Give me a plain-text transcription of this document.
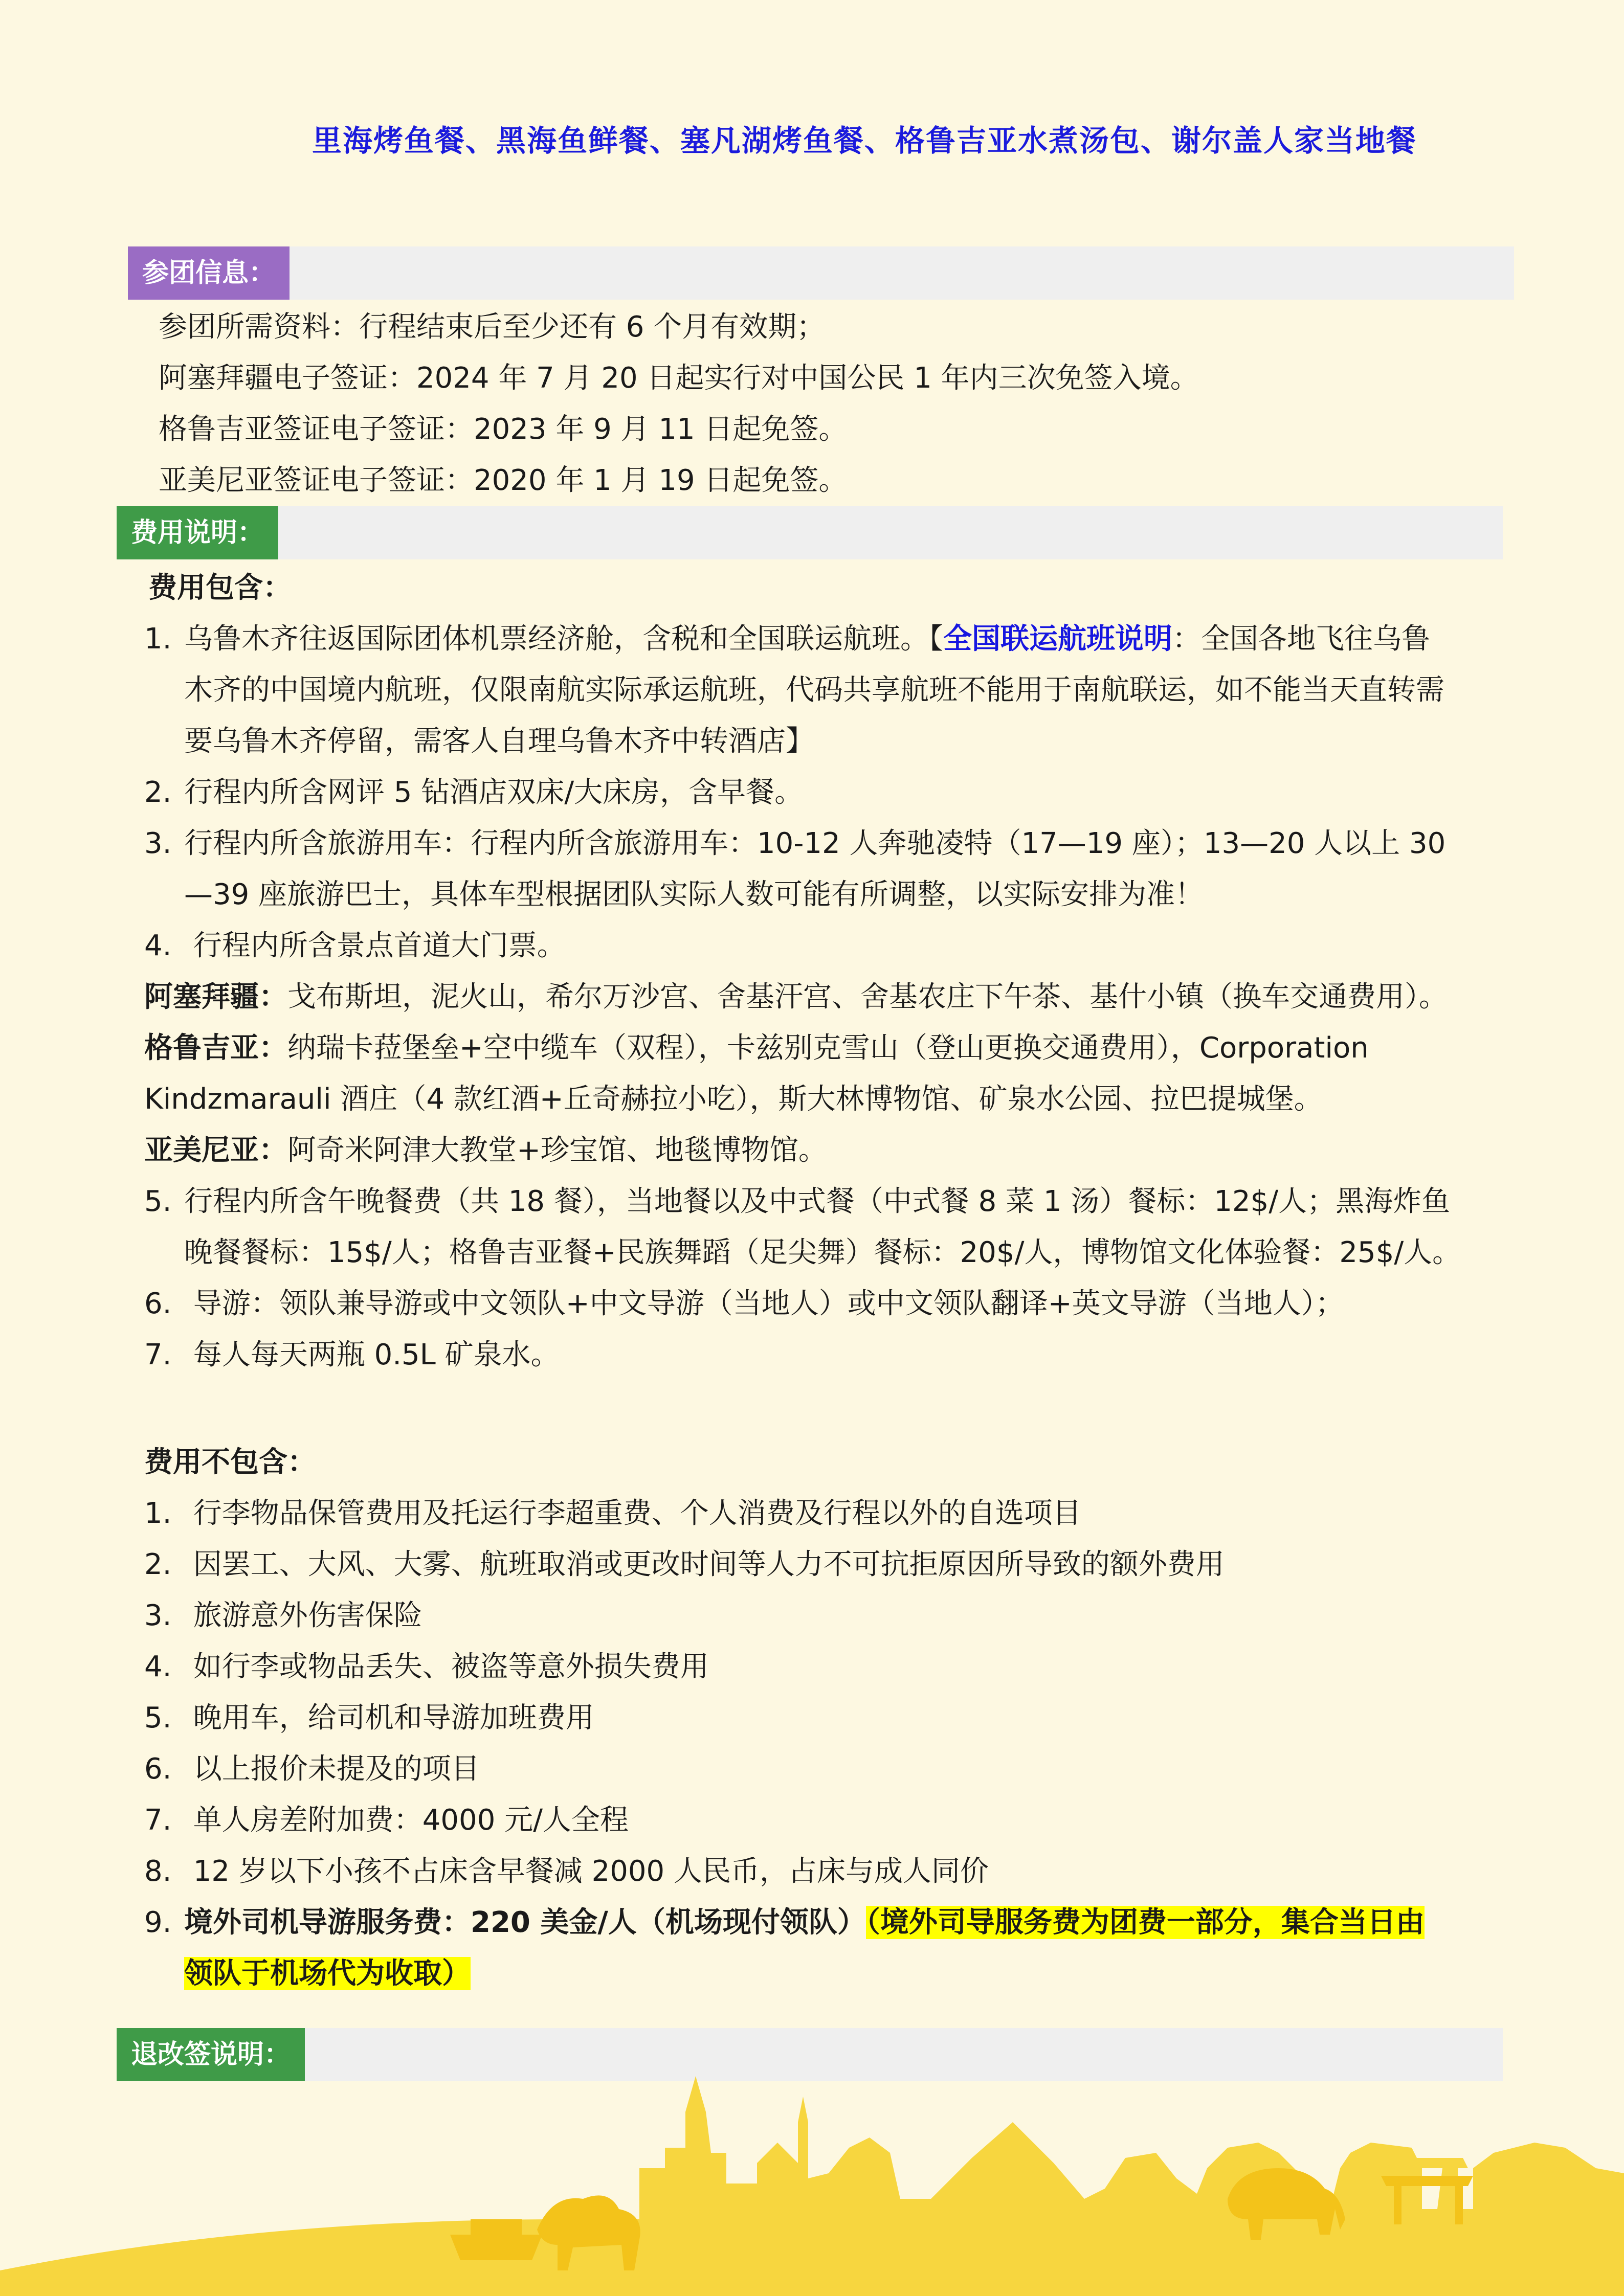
里海烤鱼餐、黑海鱼鲜餐、塞凡湖烤鱼餐、格鲁吉亚水煮汤包、谢尔盖人家当地餐
参团信息：
参团所需资料：行程结束后至少还有 6 个月有效期；
阿塞拜疆电子签证：2024 年 7 月 20 日起实行对中国公民 1 年内三次免签入境。
格鲁吉亚签证电子签证：2023 年 9 月 11 日起免签。
亚美尼亚签证电子签证：2020 年 1 月 19 日起免签。
费用说明：
费用包含：
1. 乌鲁木齐往返国际团体机票经济舱，含税和全国联运航班。【全国联运航班说明：全国各地飞往乌鲁
木齐的中国境内航班，仅限南航实际承运航班，代码共享航班不能用于南航联运，如不能当天直转需
要乌鲁木齐停留，需客人自理乌鲁木齐中转酒店】
2. 行程内所含网评 5 钻酒店双床/大床房，含早餐。
3. 行程内所含旅游用车：行程内所含旅游用车：10-12 人奔驰凌特（17—19 座）；13—20 人以上 30
—39 座旅游巴士，具体车型根据团队实际人数可能有所调整，以实际安排为准！
4. 行程内所含景点首道大门票。
阿塞拜疆：戈布斯坦，泥火山，希尔万沙宫、舍基汗宫、舍基农庄下午茶、基什小镇（换车交通费用）。
格鲁吉亚：纳瑞卡菈堡垒+空中缆车（双程），卡兹别克雪山（登山更换交通费用），Corporation
Kindzmarauli 酒庄（4 款红酒+丘奇赫拉小吃），斯大林博物馆、矿泉水公园、拉巴提城堡。
亚美尼亚：阿奇米阿津大教堂+珍宝馆、地毯博物馆。
5. 行程内所含午晚餐费（共 18 餐），当地餐以及中式餐（中式餐 8 菜 1 汤）餐标：12$/人；黑海炸鱼
晚餐餐标：15$/人；格鲁吉亚餐+民族舞蹈（足尖舞）餐标：20$/人，博物馆文化体验餐：25$/人。
6. 导游：领队兼导游或中文领队+中文导游（当地人）或中文领队翻译+英文导游（当地人）；
7. 每人每天两瓶 0.5L 矿泉水。
费用不包含：
1. 行李物品保管费用及托运行李超重费、个人消费及行程以外的自选项目
2. 因罢工、大风、大雾、航班取消或更改时间等人力不可抗拒原因所导致的额外费用
3. 旅游意外伤害保险
4. 如行李或物品丢失、被盗等意外损失费用
5. 晚用车，给司机和导游加班费用
6. 以上报价未提及的项目
7. 单人房差附加费：4000 元/人全程
8. 12 岁以下小孩不占床含早餐减 2000 人民币，占床与成人同价
9. 境外司机导游服务费：220 美金/人（机场现付领队）（境外司导服务费为团费一部分，集合当日由
领队于机场代为收取）
退改签说明：
